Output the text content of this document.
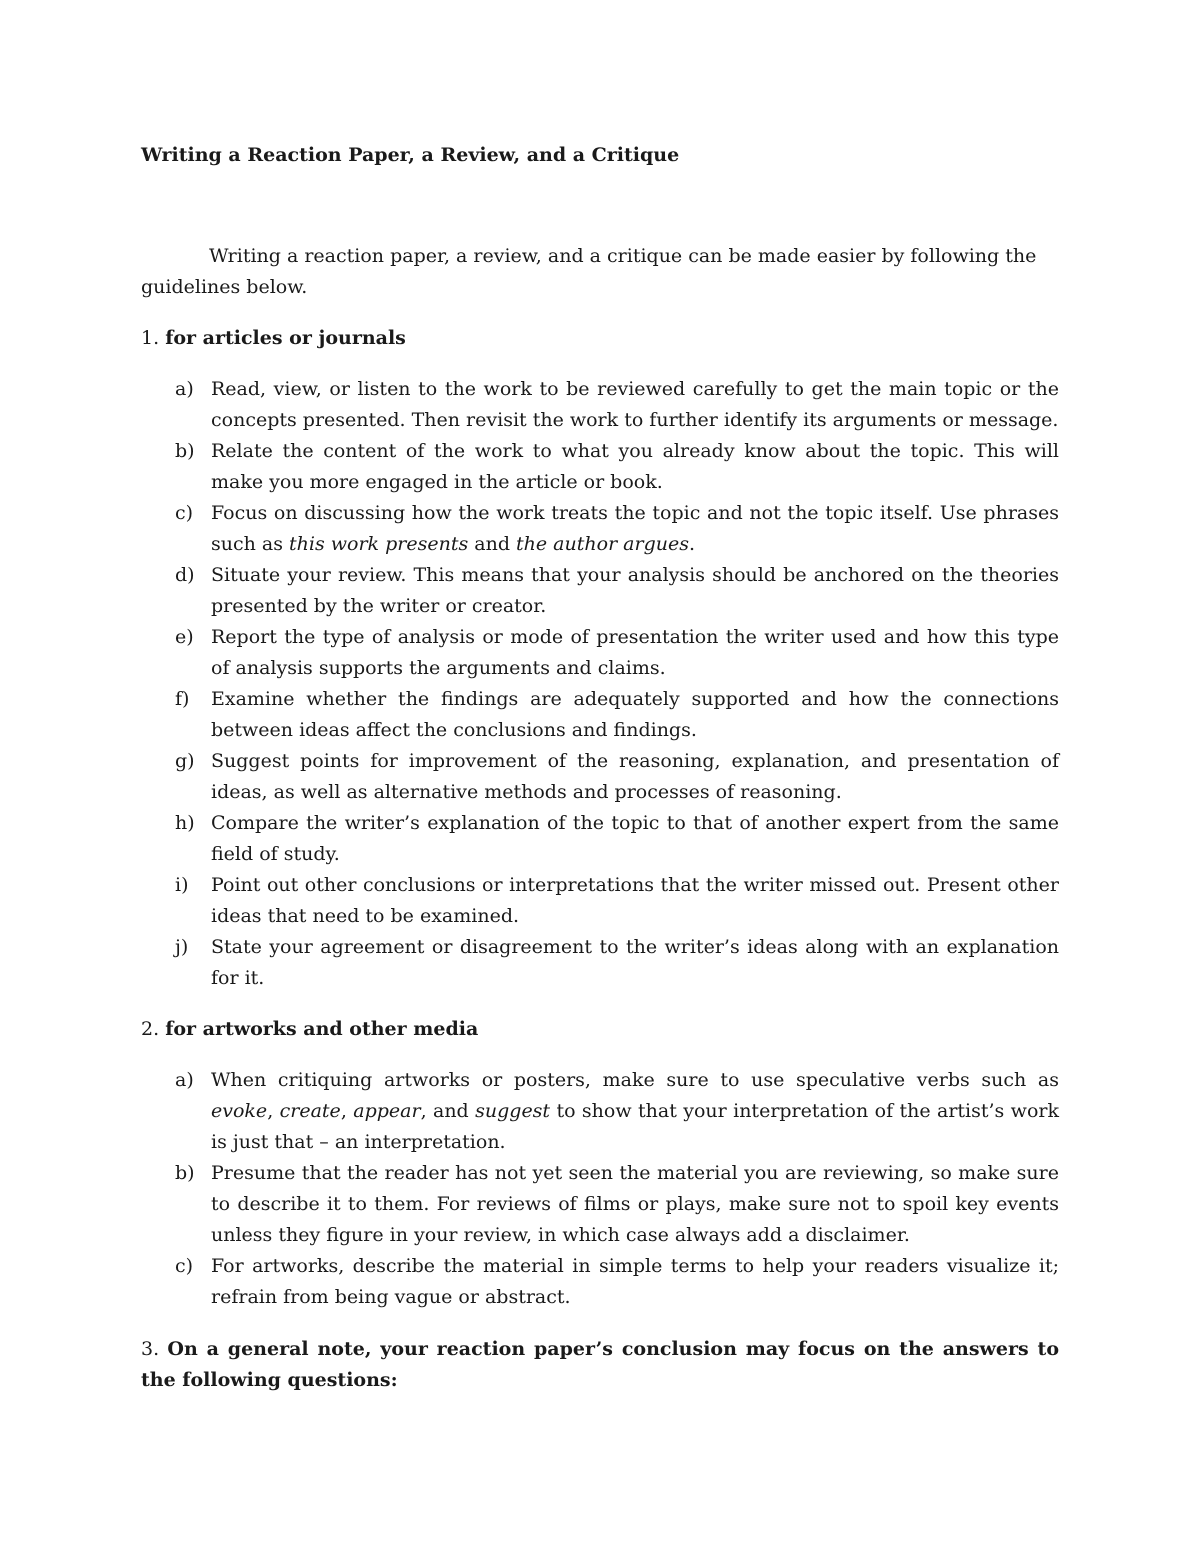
Writing a Reaction Paper, a Review, and a Critique

Writing a reaction paper, a review, and a critique can be made easier by following the guidelines below.

1. for articles or journals

a) Read, view, or listen to the work to be reviewed carefully to get the main topic or the concepts presented. Then revisit the work to further identify its arguments or message.
b) Relate the content of the work to what you already know about the topic. This will make you more engaged in the article or book.
c) Focus on discussing how the work treats the topic and not the topic itself. Use phrases such as this work presents and the author argues.
d) Situate your review. This means that your analysis should be anchored on the theories presented by the writer or creator.
e) Report the type of analysis or mode of presentation the writer used and how this type of analysis supports the arguments and claims.
f) Examine whether the findings are adequately supported and how the connections between ideas affect the conclusions and findings.
g) Suggest points for improvement of the reasoning, explanation, and presentation of ideas, as well as alternative methods and processes of reasoning.
h) Compare the writer’s explanation of the topic to that of another expert from the same field of study.
i) Point out other conclusions or interpretations that the writer missed out. Present other ideas that need to be examined.
j) State your agreement or disagreement to the writer’s ideas along with an explanation for it.

2. for artworks and other media

a) When critiquing artworks or posters, make sure to use speculative verbs such as evoke, create, appear, and suggest to show that your interpretation of the artist’s work is just that – an interpretation.
b) Presume that the reader has not yet seen the material you are reviewing, so make sure to describe it to them. For reviews of films or plays, make sure not to spoil key events unless they figure in your review, in which case always add a disclaimer.
c) For artworks, describe the material in simple terms to help your readers visualize it; refrain from being vague or abstract.

3. On a general note, your reaction paper’s conclusion may focus on the answers to the following questions:
